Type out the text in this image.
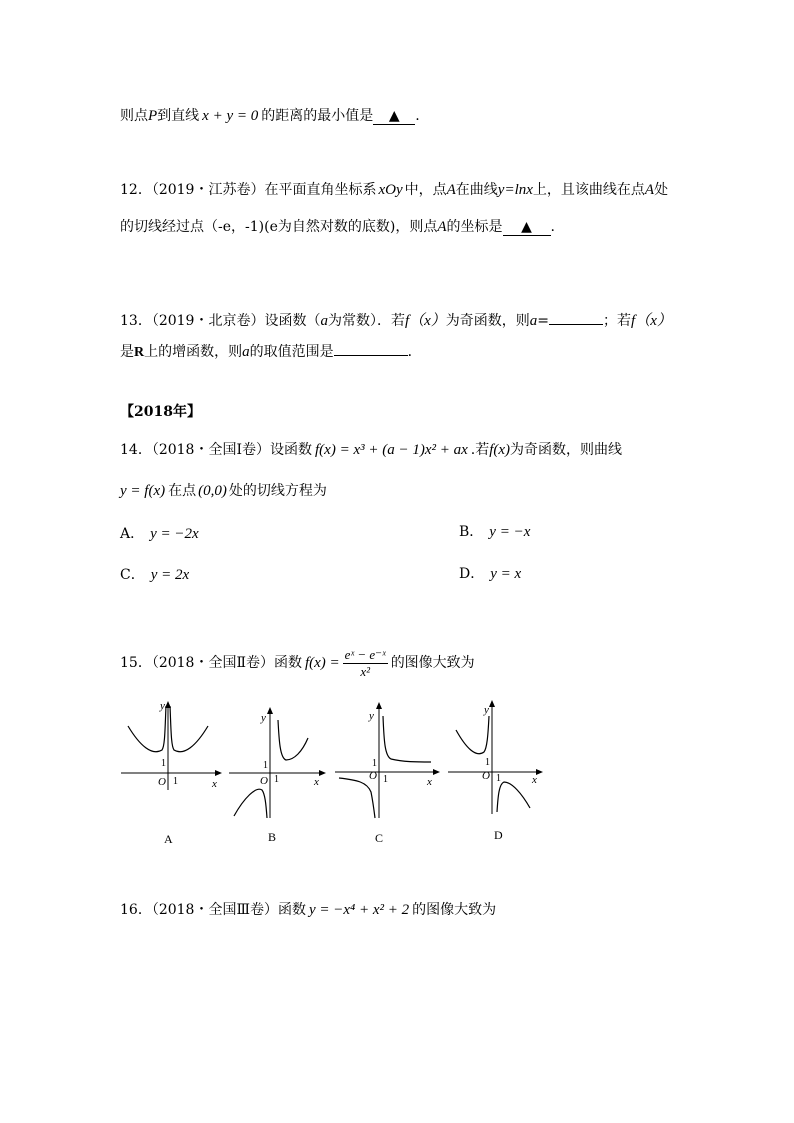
则点P到直线 x + y = 0 的距离的最小值是 ▲ .
12．（2019・江苏卷）在平面直角坐标系 xOy 中，点A在曲线y=lnx上，且该曲线在点A处
的切线经过点（-e，-1)(e为自然对数的底数)，则点A的坐标是 ▲ .
13．（2019・北京卷）设函数（a为常数）．若f（x）为奇函数，则a=	；若f（x）
是R上的增函数，则a的取值范围是	．
【2018年】
14．（2018・全国Ⅰ卷）设函数 f(x) = x³ + (a − 1)x² + ax .若f(x)为奇函数，则曲线
y = f(x) 在点 (0,0) 处的切线方程为
A． y = −2x	B． y = −x
C． y = 2x	D． y = x
15．（2018・全国Ⅱ卷）函数 $f(x) = \frac{\text{eˣ − e⁻ˣ}}{\text{x²}}$ 的图像大致为
y
x
O
1
1
A
y
x
O
1
1
B
y
x
O
1
1
C
y
x
O
1
1
D
16．（2018・全国Ⅲ卷）函数 y = −x⁴ + x² + 2 的图像大致为
